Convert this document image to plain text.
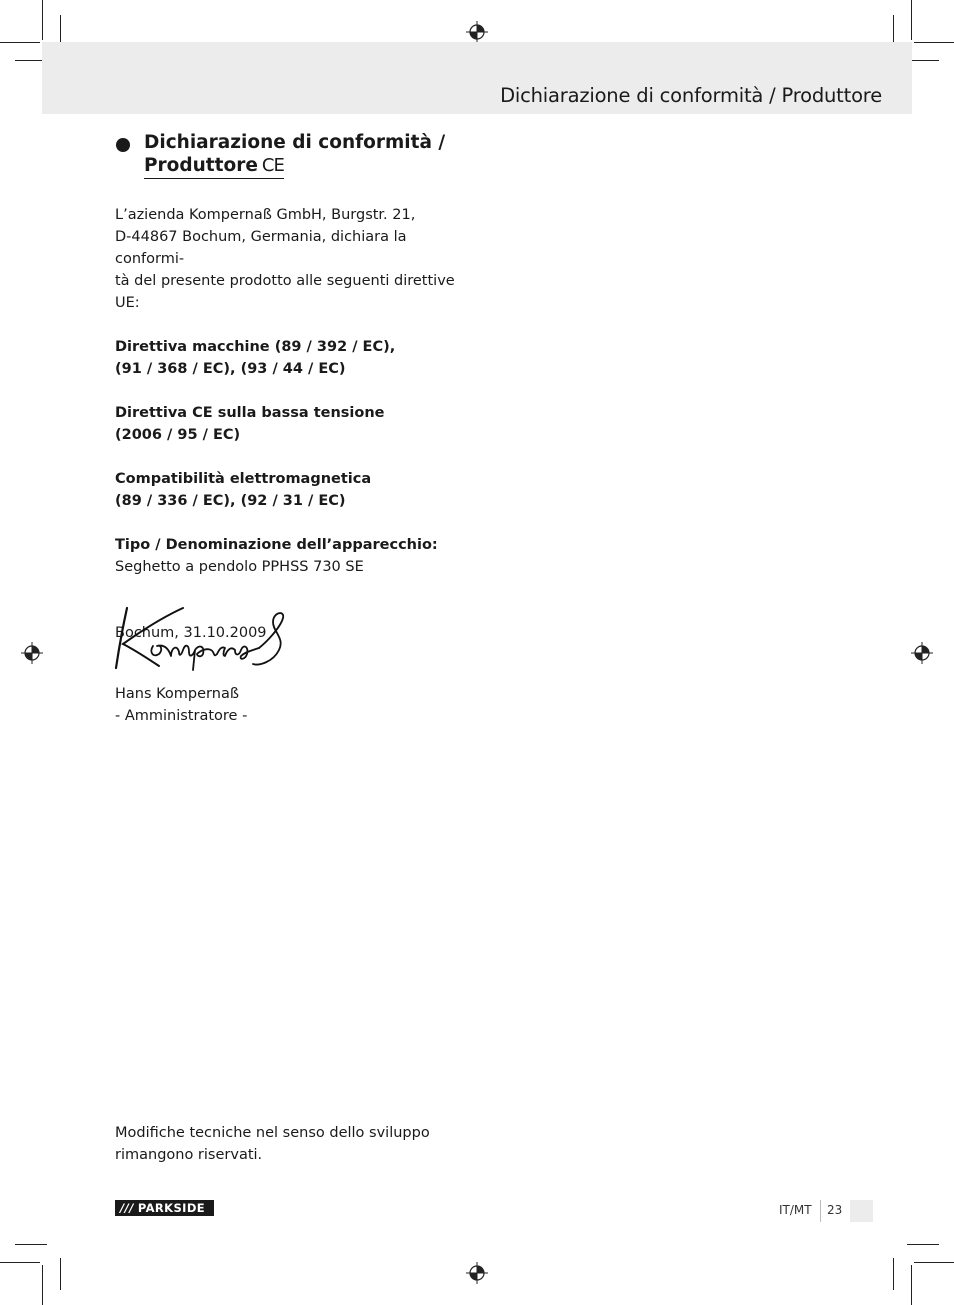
Dichiarazione di conformità / Produttore
Dichiarazione di conformità /
Produttore CE

L’azienda Kompernaß GmbH, Burgstr. 21,

D-44867 Bochum, Germania, dichiara la conformi-

tà del presente prodotto alle seguenti direttive UE:

Direttiva macchine (89 / 392 / EC),

(91 / 368 / EC), (93 / 44 / EC)

Direttiva CE sulla bassa tensione

(2006 / 95 / EC)

Compatibilità elettromagnetica

(89 / 336 / EC), (92 / 31 / EC)

Tipo / Denominazione dell’apparecchio:

Seghetto a pendolo PPHSS 730 SE

Bochum, 31.10.2009

Hans Kompernaß

- Amministratore -

Modifiche tecniche nel senso dello sviluppo
rimangono riservati.
/// PARKSIDE	IT/MT 23
